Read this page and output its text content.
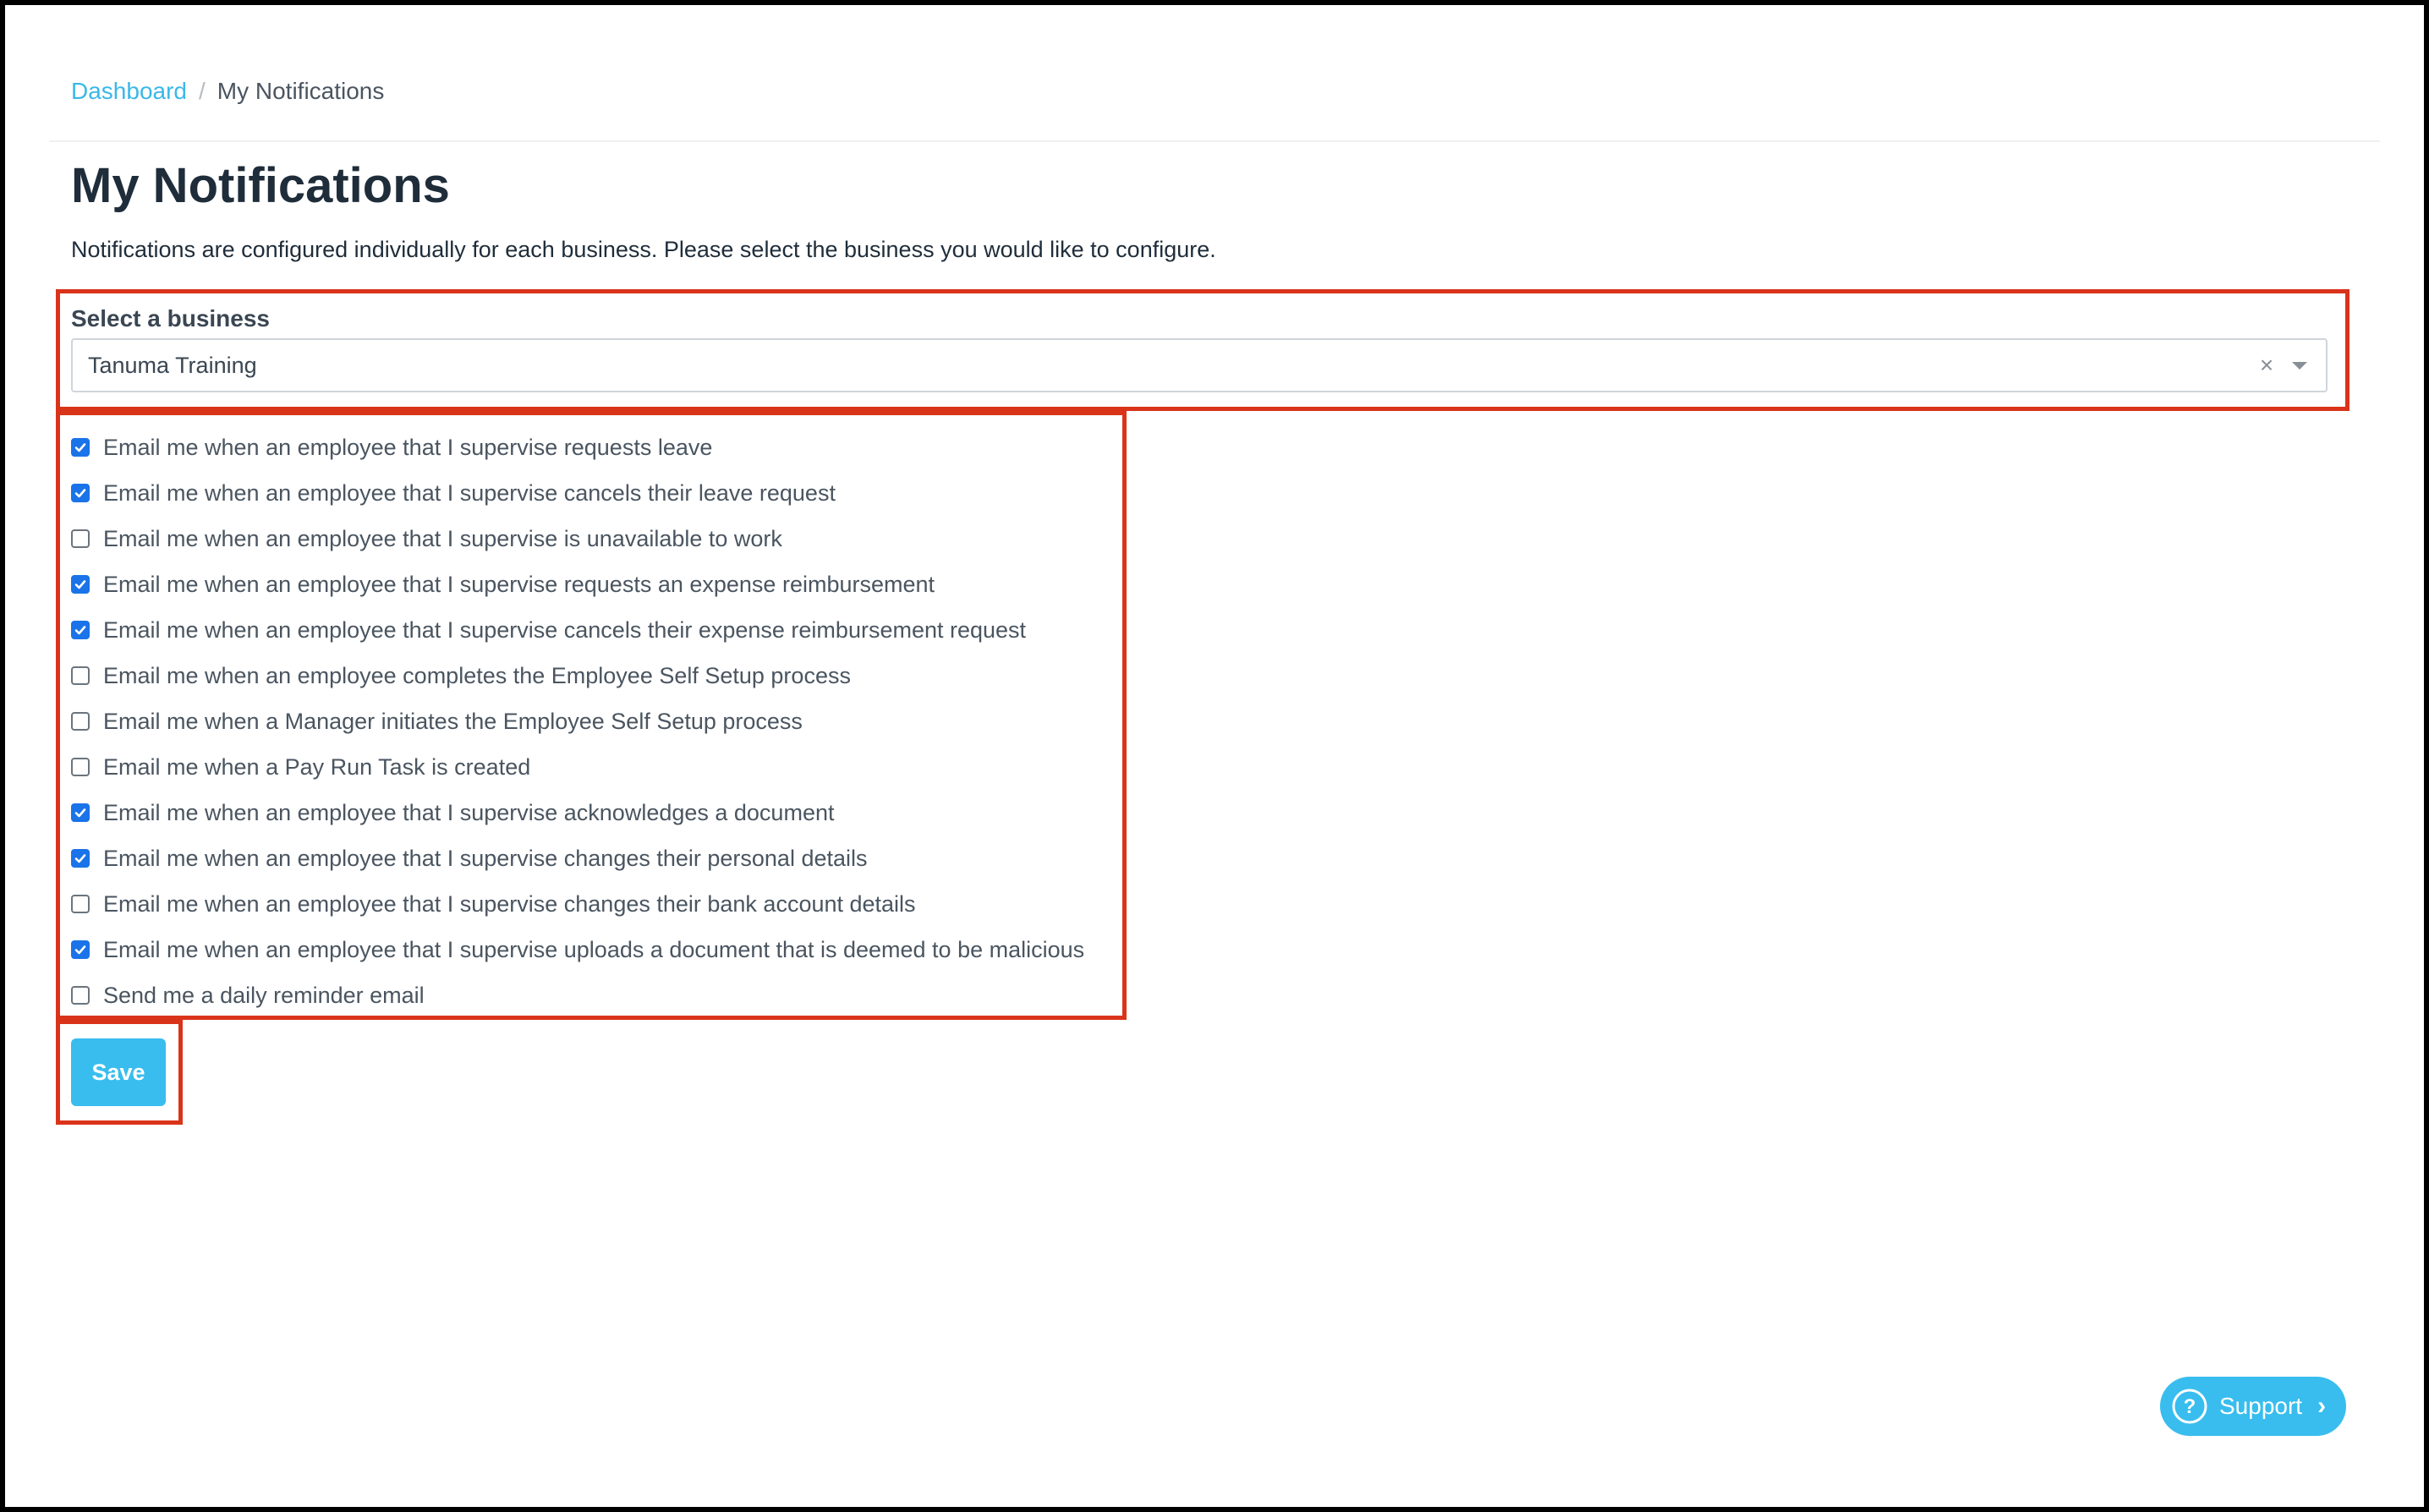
Dashboard / My Notifications
My Notifications

Notifications are configured individually for each business. Please select the business you would like to configure.

Select a business
Tanuma Training	×
Email me when an employee that I supervise requests leave
Email me when an employee that I supervise cancels their leave request
Email me when an employee that I supervise is unavailable to work
Email me when an employee that I supervise requests an expense reimbursement
Email me when an employee that I supervise cancels their expense reimbursement request
Email me when an employee completes the Employee Self Setup process
Email me when a Manager initiates the Employee Self Setup process
Email me when a Pay Run Task is created
Email me when an employee that I supervise acknowledges a document
Email me when an employee that I supervise changes their personal details
Email me when an employee that I supervise changes their bank account details
Email me when an employee that I supervise uploads a document that is deemed to be malicious
Send me a daily reminder email
Save
? Support ›
